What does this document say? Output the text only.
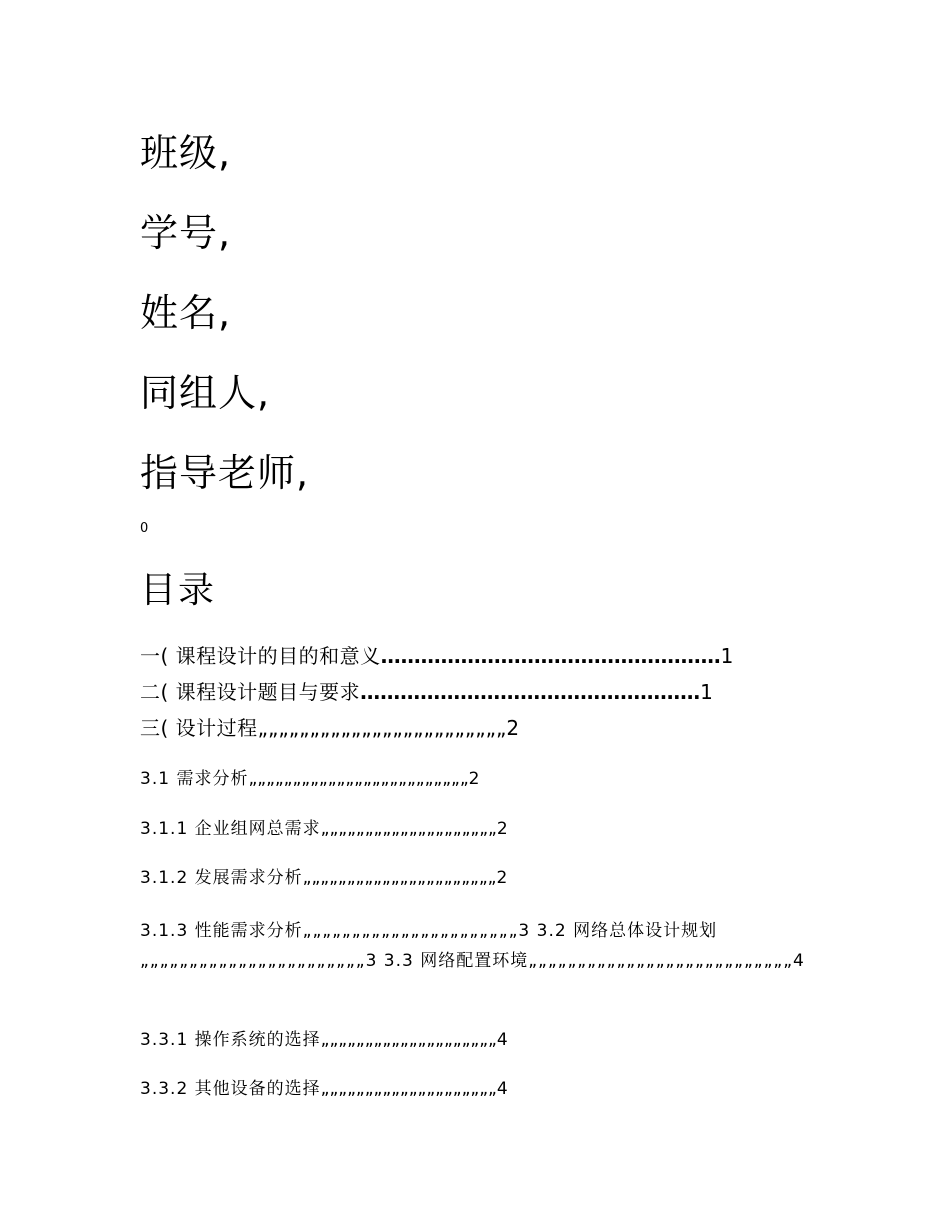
班级,
学号,
姓名,
同组人,
指导老师,
0
目录
一( 课程设计的目的和意义……………………………………………1
二( 课程设计题目与要求……………………………………………1
三( 设计过程„„„„„„„„„„„„„„„„„„„„„„„„2
3.1 需求分析„„„„„„„„„„„„„„„„„„„„„„„„„2
3.1.1 企业组网总需求„„„„„„„„„„„„„„„„„„„„2
3.1.2 发展需求分析„„„„„„„„„„„„„„„„„„„„„„2
3.1.3 性能需求分析„„„„„„„„„„„„„„„„„„„„„„3 3.2 网络总体设计规划„„„„„„„„„„„„„„„„„„„„„„„3 3.3 网络配置环境„„„„„„„„„„„„„„„„„„„„„„„„„„„4
3.3.1 操作系统的选择„„„„„„„„„„„„„„„„„„„„4
3.3.2 其他设备的选择„„„„„„„„„„„„„„„„„„„„4
